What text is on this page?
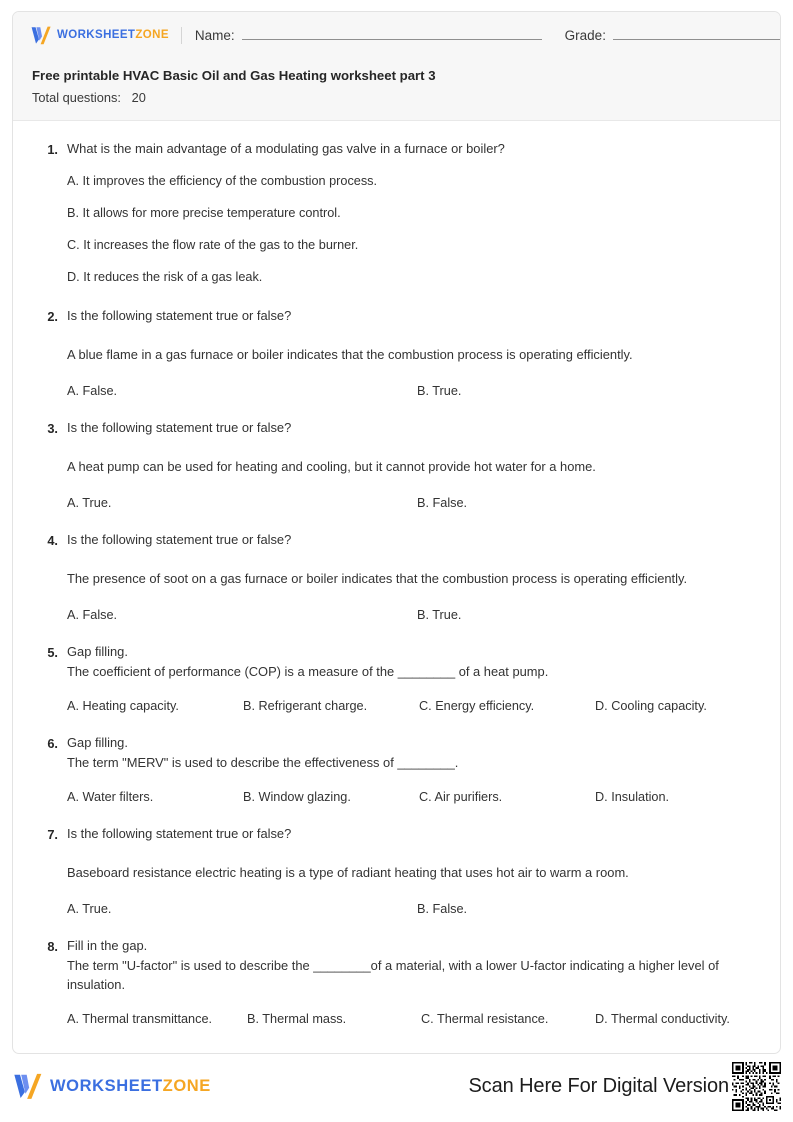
WORKSHEETZONE Name:	Grade:
Free printable HVAC Basic Oil and Gas Heating worksheet part 3
Total questions:   20
1. What is the main advantage of a modulating gas valve in a furnace or boiler?
A. It improves the efficiency of the combustion process.
B. It allows for more precise temperature control.
C. It increases the flow rate of the gas to the burner.
D. It reduces the risk of a gas leak.
2. Is the following statement true or false?
A blue flame in a gas furnace or boiler indicates that the combustion process is operating efficiently.
A. False.	B. True.
3. Is the following statement true or false?
A heat pump can be used for heating and cooling, but it cannot provide hot water for a home.
A. True.	B. False.
4. Is the following statement true or false?
The presence of soot on a gas furnace or boiler indicates that the combustion process is operating efficiently.
A. False.	B. True.
5. Gap filling.
The coefficient of performance (COP) is a measure of the ________ of a heat pump.
A. Heating capacity.	B. Refrigerant charge.	C. Energy efficiency.	D. Cooling capacity.
6. Gap filling.
The term "MERV" is used to describe the effectiveness of ________.
A. Water filters.	B. Window glazing.	C. Air purifiers.	D. Insulation.
7. Is the following statement true or false?
Baseboard resistance electric heating is a type of radiant heating that uses hot air to warm a room.
A. True.	B. False.
8. Fill in the gap.
The term "U-factor" is used to describe the ________of a material, with a lower U-factor indicating a higher level of insulation.
A. Thermal transmittance.	B. Thermal mass.	C. Thermal resistance.	D. Thermal conductivity.
WORKSHEETZONE	Scan Here For Digital Version
